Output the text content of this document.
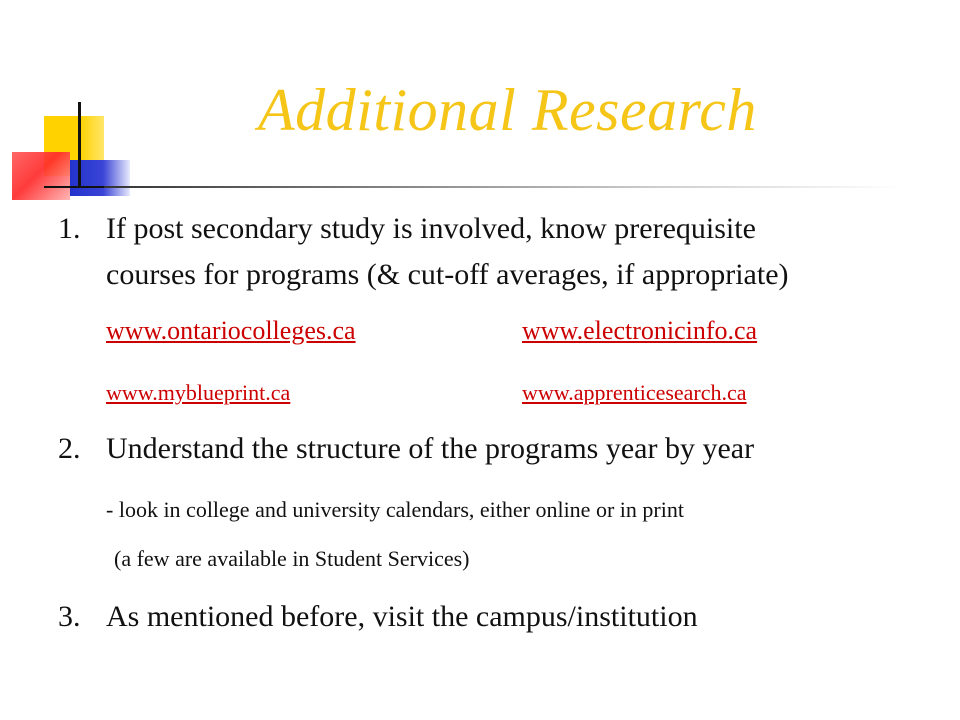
Additional Research
1. If post secondary study is involved, know prerequisite
courses for programs (& cut-off averages, if appropriate)
www.ontariocolleges.ca	www.electronicinfo.ca
www.myblueprint.ca	www.apprenticesearch.ca
2. Understand the structure of the programs year by year
- look in college and university calendars, either online or in print
(a few are available in Student Services)
3. As mentioned before, visit the campus/institution
